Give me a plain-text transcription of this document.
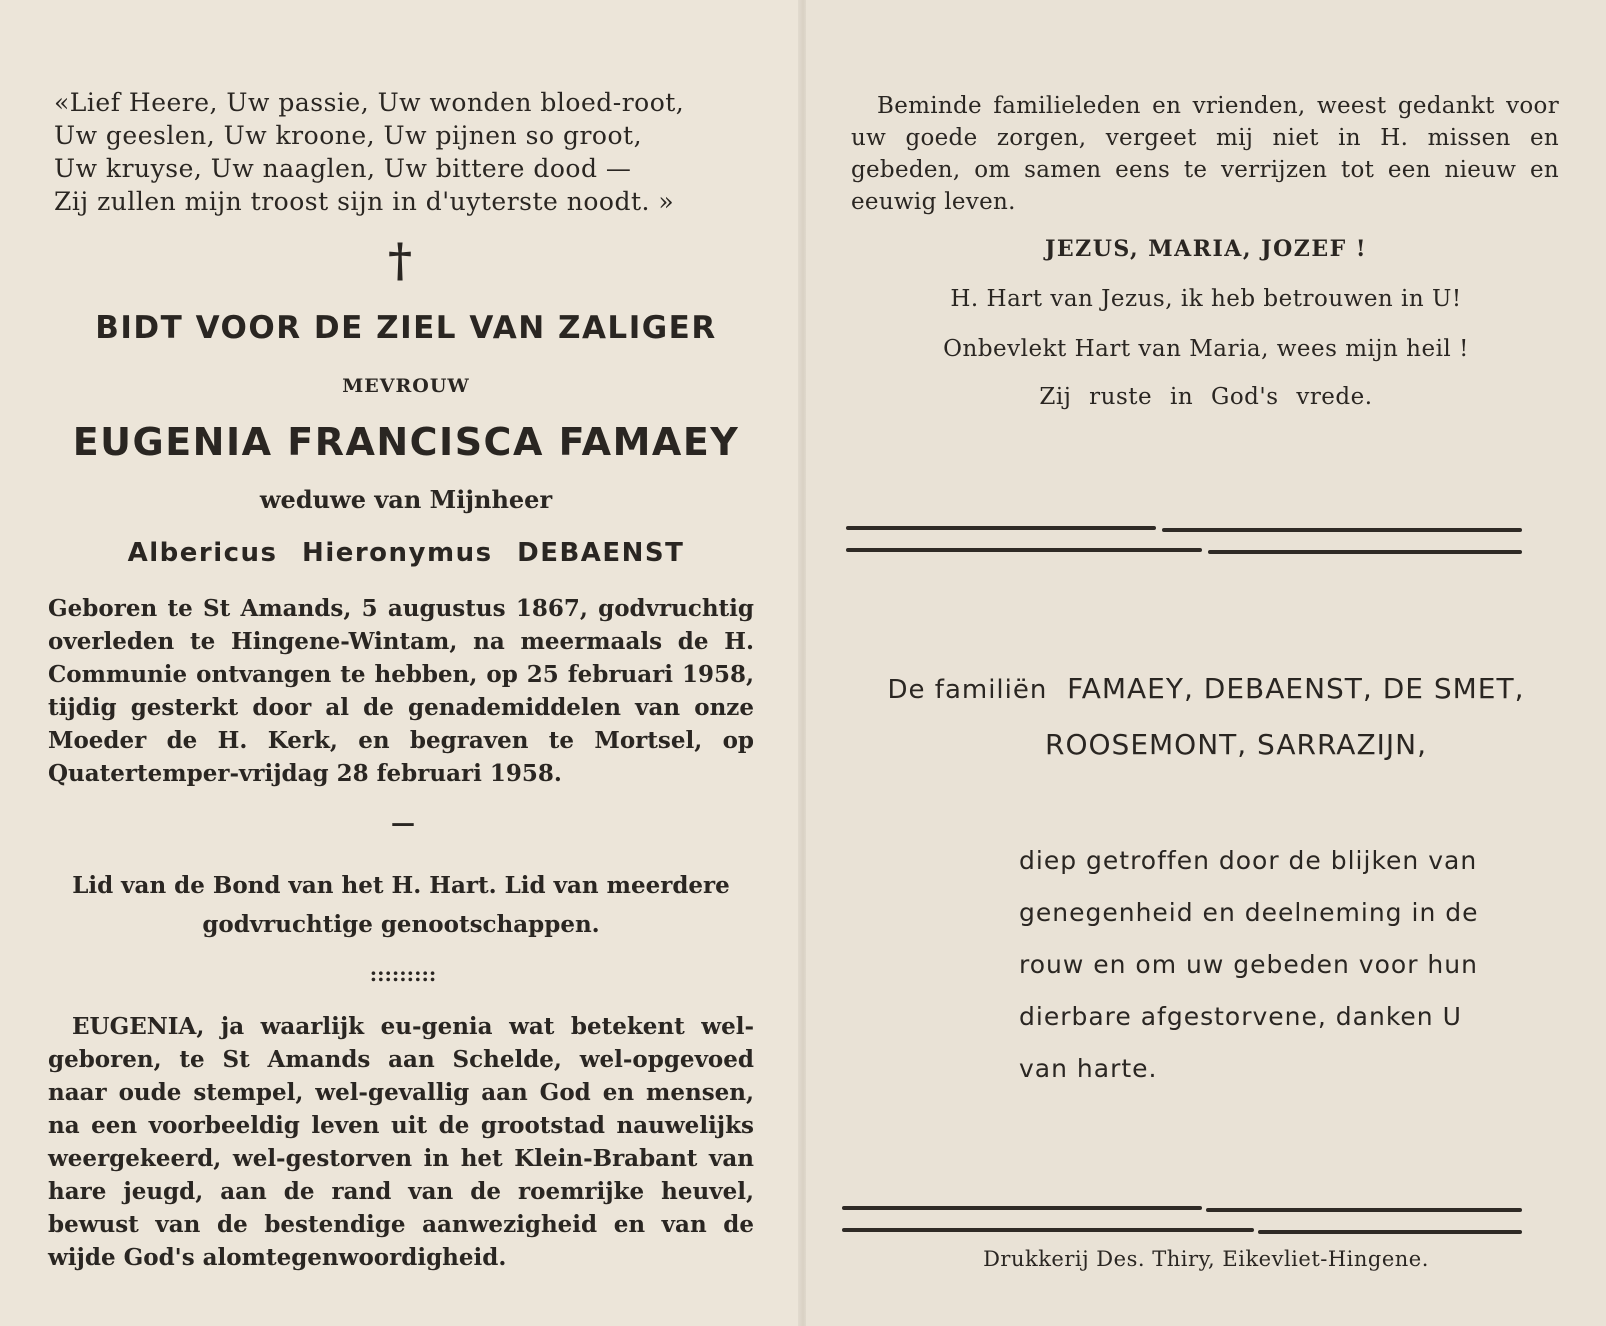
«Lief Heere, Uw passie, Uw wonden bloed-root,
Uw geeslen, Uw kroone, Uw pijnen so groot,
Uw kruyse, Uw naaglen, Uw bittere dood —
Zij zullen mijn troost sijn in d'uyterste noodt. »
†
BIDT VOOR DE ZIEL VAN ZALIGER
MEVROUW
EUGENIA FRANCISCA FAMAEY
weduwe van Mijnheer
Albericus Hieronymus DEBAENST
Geboren te St Amands, 5 augustus 1867, godvruchtig overleden te Hingene-Wintam, na meermaals de H. Communie ontvangen te hebben, op 25 februari 1958, tijdig gesterkt door al de genademiddelen van onze Moeder de H. Kerk, en begraven te Mortsel, op Quatertemper-vrijdag 28 februari 1958.
—
Lid van de Bond van het H. Hart. Lid van meerdere godvruchtige genootschappen.
:::::::::
EUGENIA, ja waarlijk eu-genia wat betekent wel-geboren, te St Amands aan Schelde, wel-opgevoed naar oude stempel, wel-gevallig aan God en mensen, na een voorbeeldig leven uit de grootstad nauwelijks weergekeerd, wel-gestorven in het Klein-Brabant van hare jeugd, aan de rand van de roemrijke heuvel, bewust van de bestendige aanwezigheid en van de wijde God's alomtegenwoordigheid.
Beminde familieleden en vrienden, weest gedankt voor uw goede zorgen, vergeet mij niet in H. missen en gebeden, om samen eens te verrijzen tot een nieuw en eeuwig leven.
JEZUS, MARIA, JOZEF !
H. Hart van Jezus, ik heb betrouwen in U!
Onbevlekt Hart van Maria, wees mijn heil !
Zij ruste in God's vrede.
De familiën FAMAEY, DEBAENST, DE SMET,
ROOSEMONT, SARRAZIJN,
diep getroffen door de blijken van
genegenheid en deelneming in de
rouw en om uw gebeden voor hun
dierbare afgestorvene, danken U
van harte.
Drukkerij Des. Thiry, Eikevliet-Hingene.
